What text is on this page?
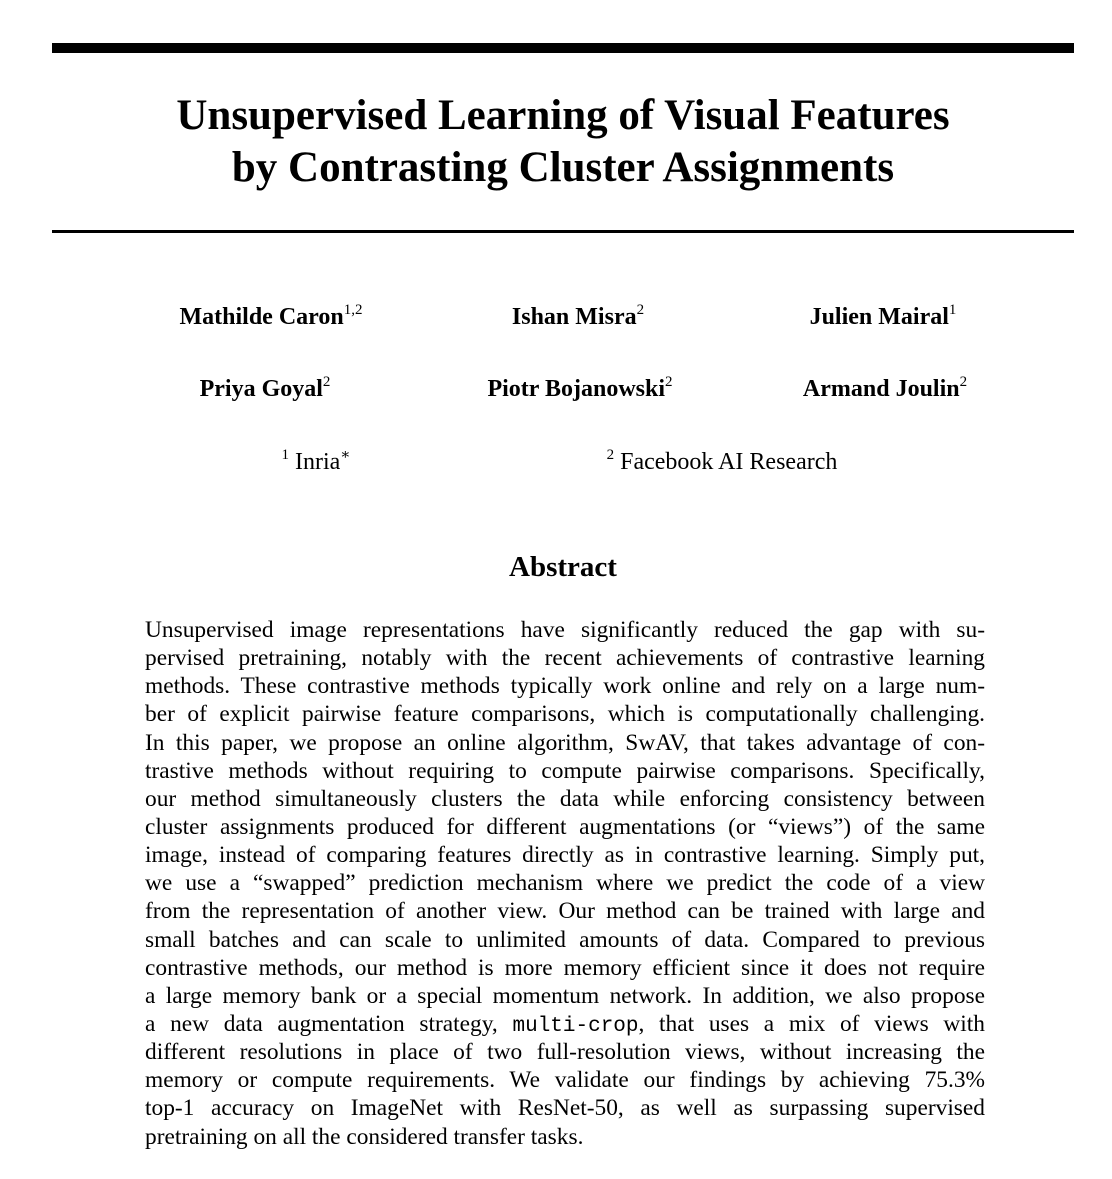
Unsupervised Learning of Visual Features
by Contrasting Cluster Assignments
Mathilde Caron$^{1,2}$	Ishan Misra$^2$	Julien Mairal$^1$
Priya Goyal$^2$	Piotr Bojanowski$^2$	Armand Joulin$^2$
$^1$ Inria∗	$^2$ Facebook AI Research
Abstract
Unsupervised image representations have significantly reduced the gap with su-
pervised pretraining, notably with the recent achievements of contrastive learning
methods. These contrastive methods typically work online and rely on a large num-
ber of explicit pairwise feature comparisons, which is computationally challenging.
In this paper, we propose an online algorithm, SwAV, that takes advantage of con-
trastive methods without requiring to compute pairwise comparisons. Specifically,
our method simultaneously clusters the data while enforcing consistency between
cluster assignments produced for different augmentations (or “views”) of the same
image, instead of comparing features directly as in contrastive learning. Simply put,
we use a “swapped” prediction mechanism where we predict the code of a view
from the representation of another view. Our method can be trained with large and
small batches and can scale to unlimited amounts of data. Compared to previous
contrastive methods, our method is more memory efficient since it does not require
a large memory bank or a special momentum network. In addition, we also propose
a new data augmentation strategy, multi-crop, that uses a mix of views with
different resolutions in place of two full-resolution views, without increasing the
memory or compute requirements. We validate our findings by achieving 75.3%
top-1 accuracy on ImageNet with ResNet-50, as well as surpassing supervised
pretraining on all the considered transfer tasks.
